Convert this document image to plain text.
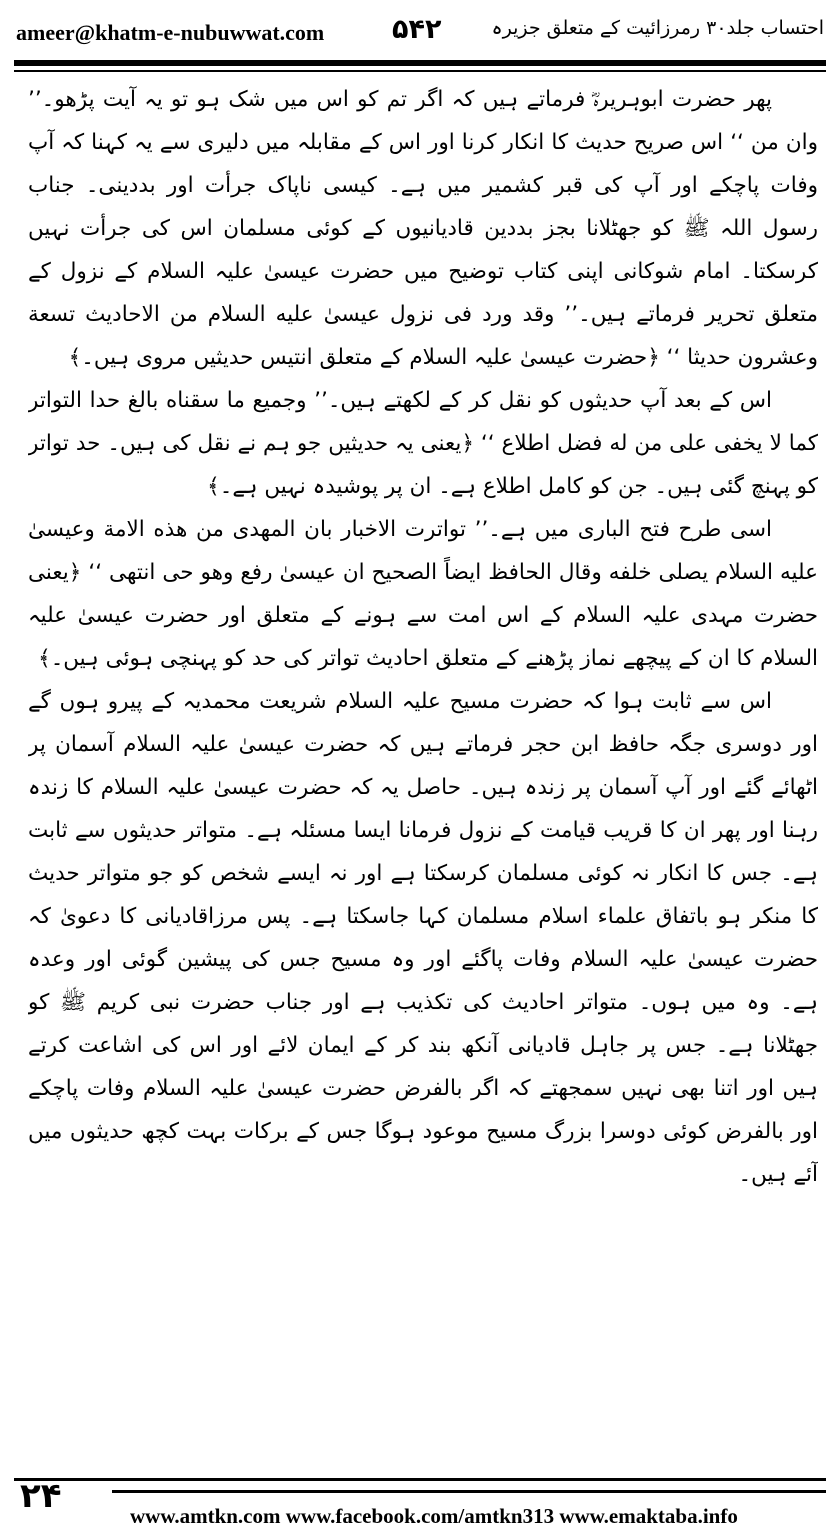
ameer@khatm-e-nubuwwat.com	۵۴۲	احتساب جلد۳۰ رمرزائیت کے متعلق جزیرہ

پھر حضرت ابوہریرہؓ فرماتے ہیں کہ اگر تم کو اس میں شک ہو تو یہ آیت پڑھو۔’’ وان من ‘‘ اس صریح حدیث کا انکار کرنا اور اس کے مقابلہ میں دلیری سے یہ کہنا کہ آپ وفات پاچکے اور آپ کی قبر کشمیر میں ہے۔ کیسی ناپاک جرأت اور بددینی۔ جناب رسول اللہ ﷺ کو جھٹلانا بجز بددین قادیانیوں کے کوئی مسلمان اس کی جرأت نہیں کرسکتا۔ امام شوکانی اپنی کتاب توضیح میں حضرت عیسیٰ علیہ السلام کے نزول کے متعلق تحریر فرماتے ہیں۔’’ وقد ورد فی نزول عیسیٰ علیه السلام من الاحادیث تسعة وعشرون حدیثا ‘‘ ﴿حضرت عیسیٰ علیہ السلام کے متعلق انتیس حدیثیں مروی ہیں۔﴾

اس کے بعد آپ حدیثوں کو نقل کر کے لکھتے ہیں۔’’ وجمیع ما سقناه بالغ حدا التواتر کما لا یخفی علی من له فضل اطلاع ‘‘ ﴿یعنی یہ حدیثیں جو ہم نے نقل کی ہیں۔ حد تواتر کو پہنچ گئی ہیں۔ جن کو کامل اطلاع ہے۔ ان پر پوشیدہ نہیں ہے۔﴾

اسی طرح فتح الباری میں ہے۔’’ تواترت الاخبار بان المهدی من هذه الامة وعیسیٰ علیه السلام یصلی خلفه وقال الحافظ ایضاً الصحیح ان عیسیٰ رفع وهو حی انتهی ‘‘ ﴿یعنی حضرت مہدی علیہ السلام کے اس امت سے ہونے کے متعلق اور حضرت عیسیٰ علیہ السلام کا ان کے پیچھے نماز پڑھنے کے متعلق احادیث تواتر کی حد کو پہنچی ہوئی ہیں۔﴾

اس سے ثابت ہوا کہ حضرت مسیح علیہ السلام شریعت محمدیہ کے پیرو ہوں گے اور دوسری جگہ حافظ ابن حجر فرماتے ہیں کہ حضرت عیسیٰ علیہ السلام آسمان پر اٹھائے گئے اور آپ آسمان پر زندہ ہیں۔ حاصل یہ کہ حضرت عیسیٰ علیہ السلام کا زندہ رہنا اور پھر ان کا قریب قیامت کے نزول فرمانا ایسا مسئلہ ہے۔ متواتر حدیثوں سے ثابت ہے۔ جس کا انکار نہ کوئی مسلمان کرسکتا ہے اور نہ ایسے شخص کو جو متواتر حدیث کا منکر ہو باتفاق علماء اسلام مسلمان کہا جاسکتا ہے۔ پس مرزاقادیانی کا دعویٰ کہ حضرت عیسیٰ علیہ السلام وفات پاگئے اور وہ مسیح جس کی پیشین گوئی اور وعدہ ہے۔ وہ میں ہوں۔ متواتر احادیث کی تکذیب ہے اور جناب حضرت نبی کریم ﷺ کو جھٹلانا ہے۔ جس پر جاہل قادیانی آنکھ بند کر کے ایمان لائے اور اس کی اشاعت کرتے ہیں اور اتنا بھی نہیں سمجھتے کہ اگر بالفرض حضرت عیسیٰ علیہ السلام وفات پاچکے اور بالفرض کوئی دوسرا بزرگ مسیح موعود ہوگا جس کے برکات بہت کچھ حدیثوں میں آئے ہیں۔

۲۴	www.amtkn.com www.facebook.com/amtkn313 www.emaktaba.info
